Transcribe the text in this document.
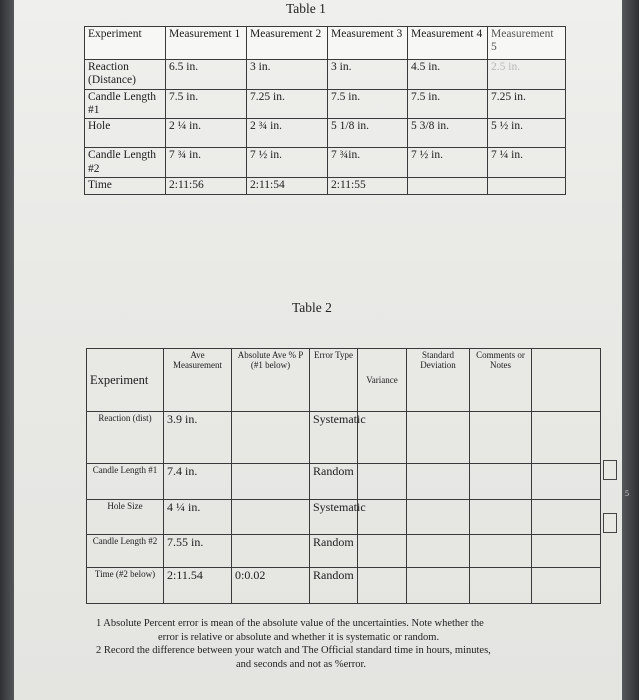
Table 1
Experiment	Measurement 1	Measurement 2	Measurement 3	Measurement 4	Measurement 5
Reaction (Distance)	6.5 in.	3 in.	3 in.	4.5 in.	2.5 in.
Candle Length #1	7.5 in.	7.25 in.	7.5 in.	7.5 in.	7.25 in.
Hole	2 ¼ in.	2 ¾ in.	5 1/8 in.	5 3/8 in.	5 ½ in.
Candle Length #2	7 ¾ in.	7 ½ in.	7 ¾in.	7 ½ in.	7 ¼ in.
Time	2:11:56	2:11:54	2:11:55		
Table 2
Experiment	Ave Measurement	Absolute Ave % P (#1 below)	Error Type	Variance	Standard Deviation	Comments or Notes	
Reaction (dist)	3.9 in.		Systematic				
Candle Length #1	7.4 in.		Random				
Hole Size	4 ¼ in.		Systematic				
Candle Length #2	7.55 in.		Random				
Time (#2 below)	2:11.54	0:0.02	Random				
1 Absolute Percent error is mean of the absolute value of the uncertainties. Note whether the
error is relative or absolute and whether it is systematic or random.
2 Record the difference between your watch and The Official standard time in hours, minutes,
and seconds and not as %error.
5
